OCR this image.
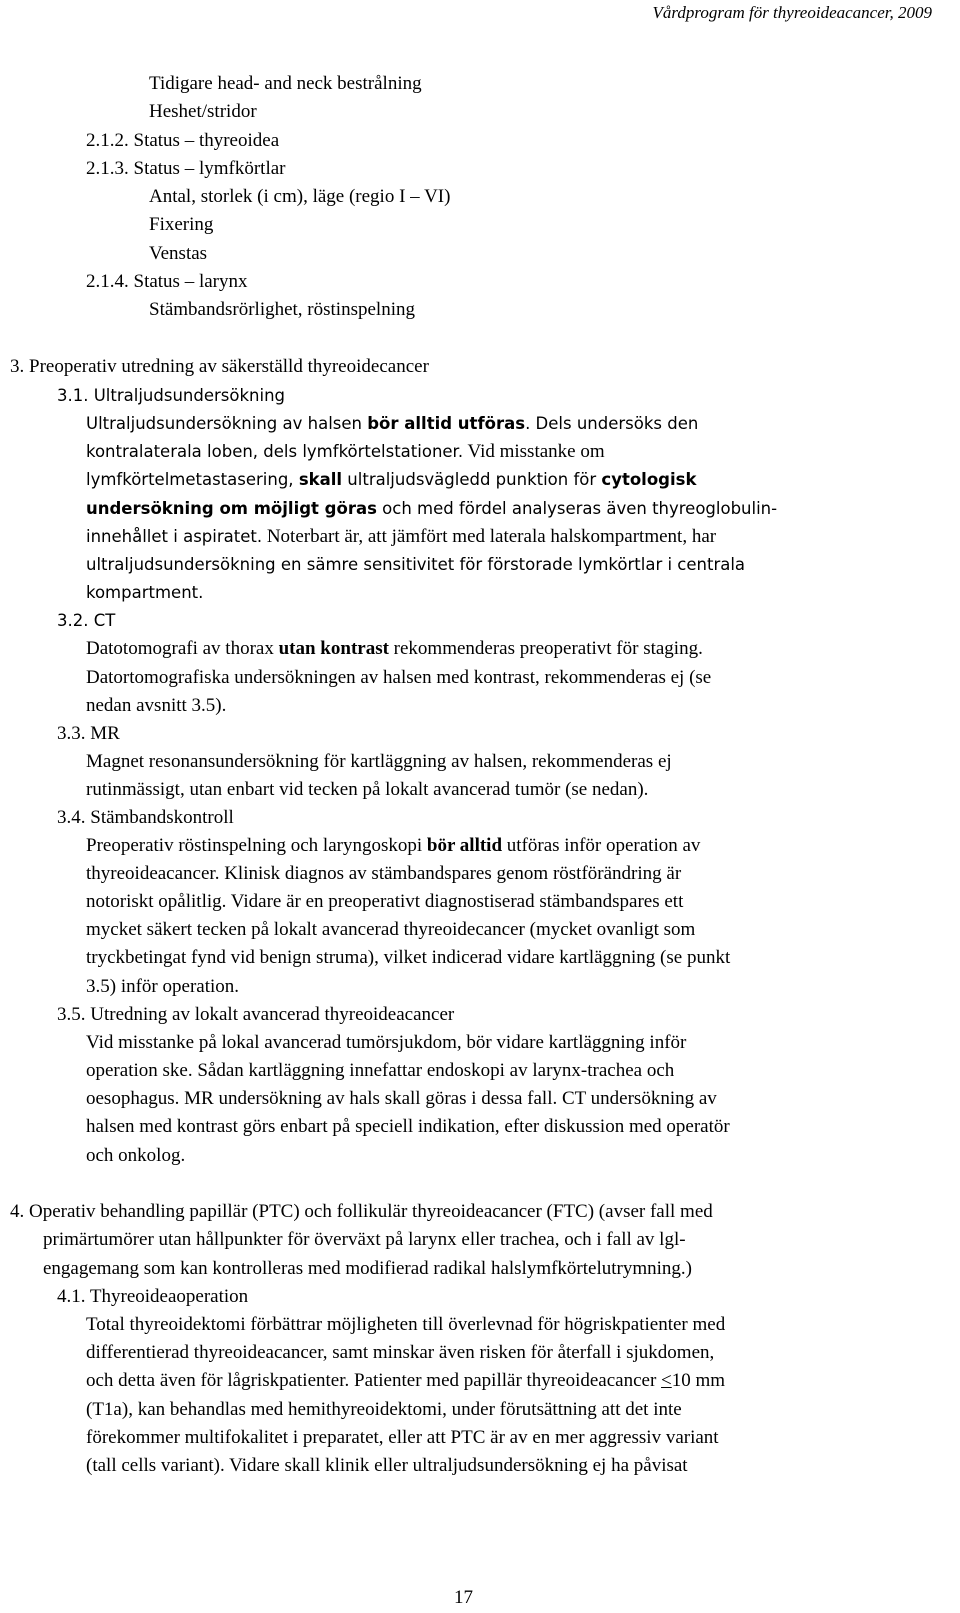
Vårdprogram för thyreoideacancer, 2009
Tidigare head- and neck bestrålning
Heshet/stridor
2.1.2. Status – thyreoidea
2.1.3. Status – lymfkörtlar
Antal, storlek (i cm), läge (regio I – VI)
Fixering
Venstas
2.1.4. Status – larynx
Stämbandsrörlighet, röstinspelning
3. Preoperativ utredning av säkerställd thyreoidecancer
3.1. Ultraljudsundersökning
Ultraljudsundersökning av halsen bör alltid utföras. Dels undersöks den
kontralaterala loben, dels lymfkörtelstationer. Vid misstanke om
lymfkörtelmetastasering, skall ultraljudsvägledd punktion för cytologisk
undersökning om möjligt göras och med fördel analyseras även thyreoglobulin-
innehållet i aspiratet. Noterbart är, att jämfört med laterala halskompartment, har
ultraljudsundersökning en sämre sensitivitet för förstorade lymkörtlar i centrala
kompartment.
3.2. CT
Datotomografi av thorax utan kontrast rekommenderas preoperativt för staging.
Datortomografiska undersökningen av halsen med kontrast, rekommenderas ej (se
nedan avsnitt 3.5).
3.3. MR
Magnet resonansundersökning för kartläggning av halsen, rekommenderas ej
rutinmässigt, utan enbart vid tecken på lokalt avancerad tumör (se nedan).
3.4. Stämbandskontroll
Preoperativ röstinspelning och laryngoskopi bör alltid utföras inför operation av
thyreoideacancer. Klinisk diagnos av stämbandspares genom röstförändring är
notoriskt opålitlig. Vidare är en preoperativt diagnostiserad stämbandspares ett
mycket säkert tecken på lokalt avancerad thyreoidecancer (mycket ovanligt som
tryckbetingat fynd vid benign struma), vilket indicerad vidare kartläggning (se punkt
3.5) inför operation.
3.5. Utredning av lokalt avancerad thyreoideacancer
Vid misstanke på lokal avancerad tumörsjukdom, bör vidare kartläggning inför
operation ske. Sådan kartläggning innefattar endoskopi av larynx-trachea och
oesophagus. MR undersökning av hals skall göras i dessa fall. CT undersökning av
halsen med kontrast görs enbart på speciell indikation, efter diskussion med operatör
och onkolog.
4. Operativ behandling papillär (PTC) och follikulär thyreoideacancer (FTC) (avser fall med
primärtumörer utan hållpunkter för överväxt på larynx eller trachea, och i fall av lgl-
engagemang som kan kontrolleras med modifierad radikal halslymfkörtelutrymning.)
4.1. Thyreoideaoperation
Total thyreoidektomi förbättrar möjligheten till överlevnad för högriskpatienter med
differentierad thyreoideacancer, samt minskar även risken för återfall i sjukdomen,
och detta även för lågriskpatienter. Patienter med papillär thyreoideacancer <10 mm
(T1a), kan behandlas med hemithyreoidektomi, under förutsättning att det inte
förekommer multifokalitet i preparatet, eller att PTC är av en mer aggressiv variant
(tall cells variant). Vidare skall klinik eller ultraljudsundersökning ej ha påvisat
17
